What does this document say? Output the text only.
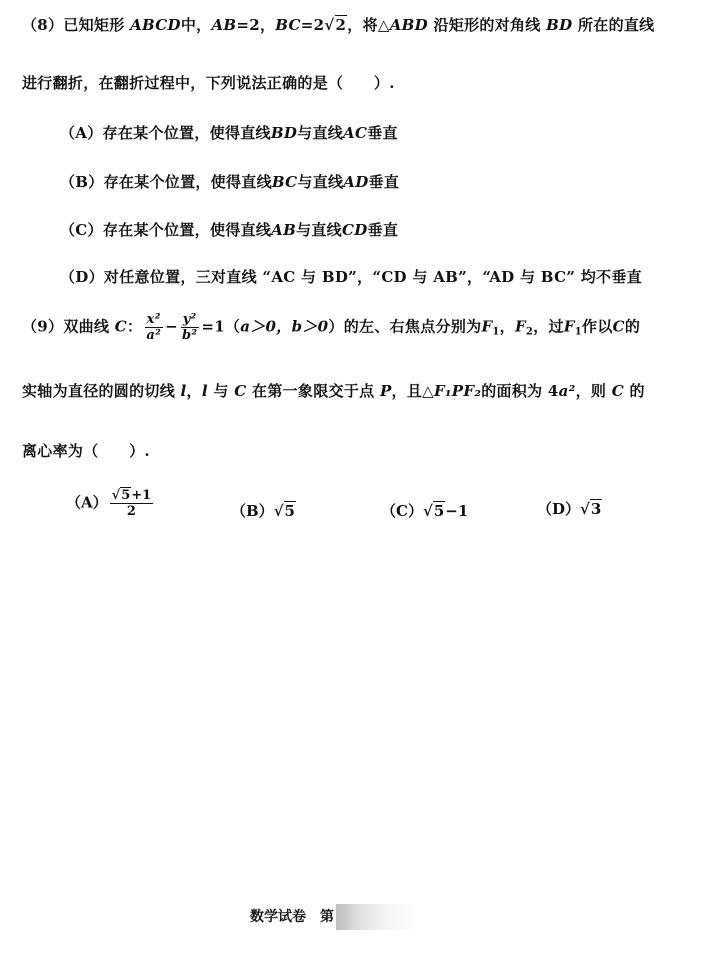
（8）已知矩形 ABCD中，AB=2，BC=2√2，将△ABD 沿矩形的对角线 BD 所在的直线
进行翻折，在翻折过程中，下列说法正确的是（　　）.
（A）存在某个位置，使得直线BD与直线AC垂直
（B）存在某个位置，使得直线BC与直线AD垂直
（C）存在某个位置，使得直线AB与直线CD垂直
（D）对任意位置，三对直线 “AC 与 BD”，“CD 与 AB”，“AD 与 BC” 均不垂直
（9）双曲线 C： $\frac{\text{x²}}{\text{a²}} - \frac{\text{y²}}{\text{b²}} =1(a>0$，b＞0）的左、右焦点分别为$F_1$，$F_2$，过$F_1$作以C的
实轴为直径的圆的切线 l，l 与 C 在第一象限交于点 P，且△F₁PF₂的面积为 4a²，则 C 的
离心率为（　　）.
$(A) \frac{√5+1}{2}$	（B）√5	（C）√5−1	（D）√3
数学试卷　第
